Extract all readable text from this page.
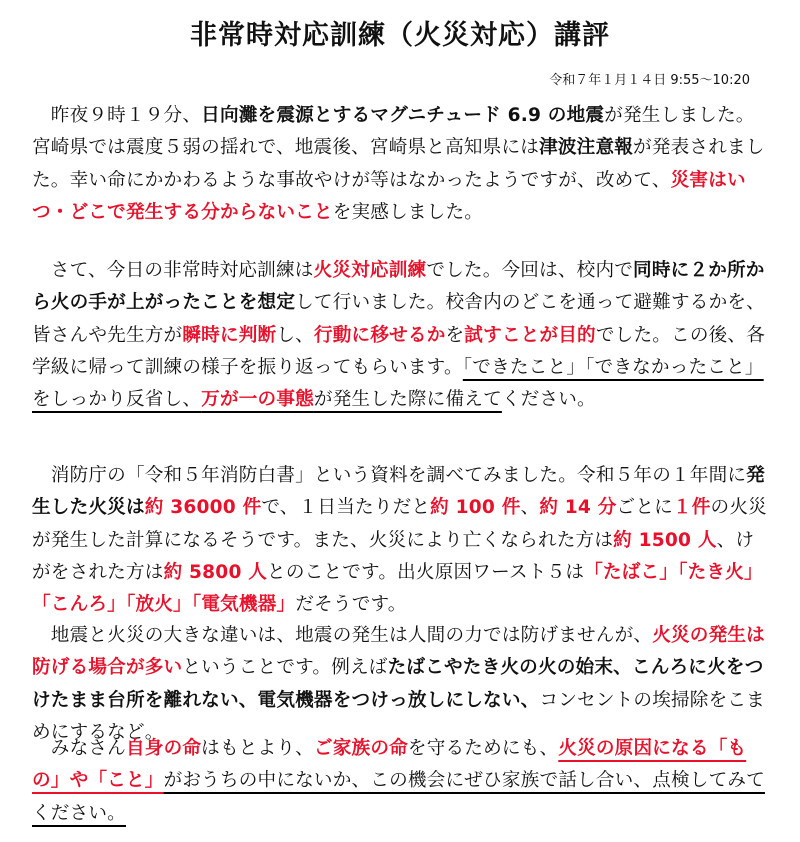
非常時対応訓練（火災対応）講評
令和７年１月１４日 9:55～10:20
　昨夜９時１９分、日向灘を震源とするマグニチュード 6.9 の地震が発生しました。宮崎県では震度５弱の揺れで、地震後、宮崎県と高知県には津波注意報が発表されました。幸い命にかかわるような事故やけが等はなかったようですが、改めて、災害はいつ・どこで発生する分からないことを実感しました。
　さて、今日の非常時対応訓練は火災対応訓練でした。今回は、校内で同時に２か所から火の手が上がったことを想定して行いました。校舎内のどこを通って避難するかを、皆さんや先生方が瞬時に判断し、行動に移せるかを試すことが目的でした。この後、各学級に帰って訓練の様子を振り返ってもらいます。「できたこと」「できなかったこと」をしっかり反省し、万が一の事態が発生した際に備えてください。
　消防庁の「令和５年消防白書」という資料を調べてみました。令和５年の１年間に発生した火災は約 36000 件で、１日当たりだと約 100 件、約 14 分ごとに１件の火災が発生した計算になるそうです。また、火災により亡くなられた方は約 1500 人、けがをされた方は約 5800 人とのことです。出火原因ワースト５は「たばこ」「たき火」「こんろ」「放火」「電気機器」だそうです。
　地震と火災の大きな違いは、地震の発生は人間の力では防げませんが、火災の発生は防げる場合が多いということです。例えばたばこやたき火の火の始末、こんろに火をつけたまま台所を離れない、電気機器をつけっ放しにしない、コンセントの埃掃除をこまめにするなど。
　みなさん自身の命はもとより、ご家族の命を守るためにも、火災の原因になる「もの」や「こと」がおうちの中にないか、この機会にぜひ家族で話し合い、点検してみてください。
